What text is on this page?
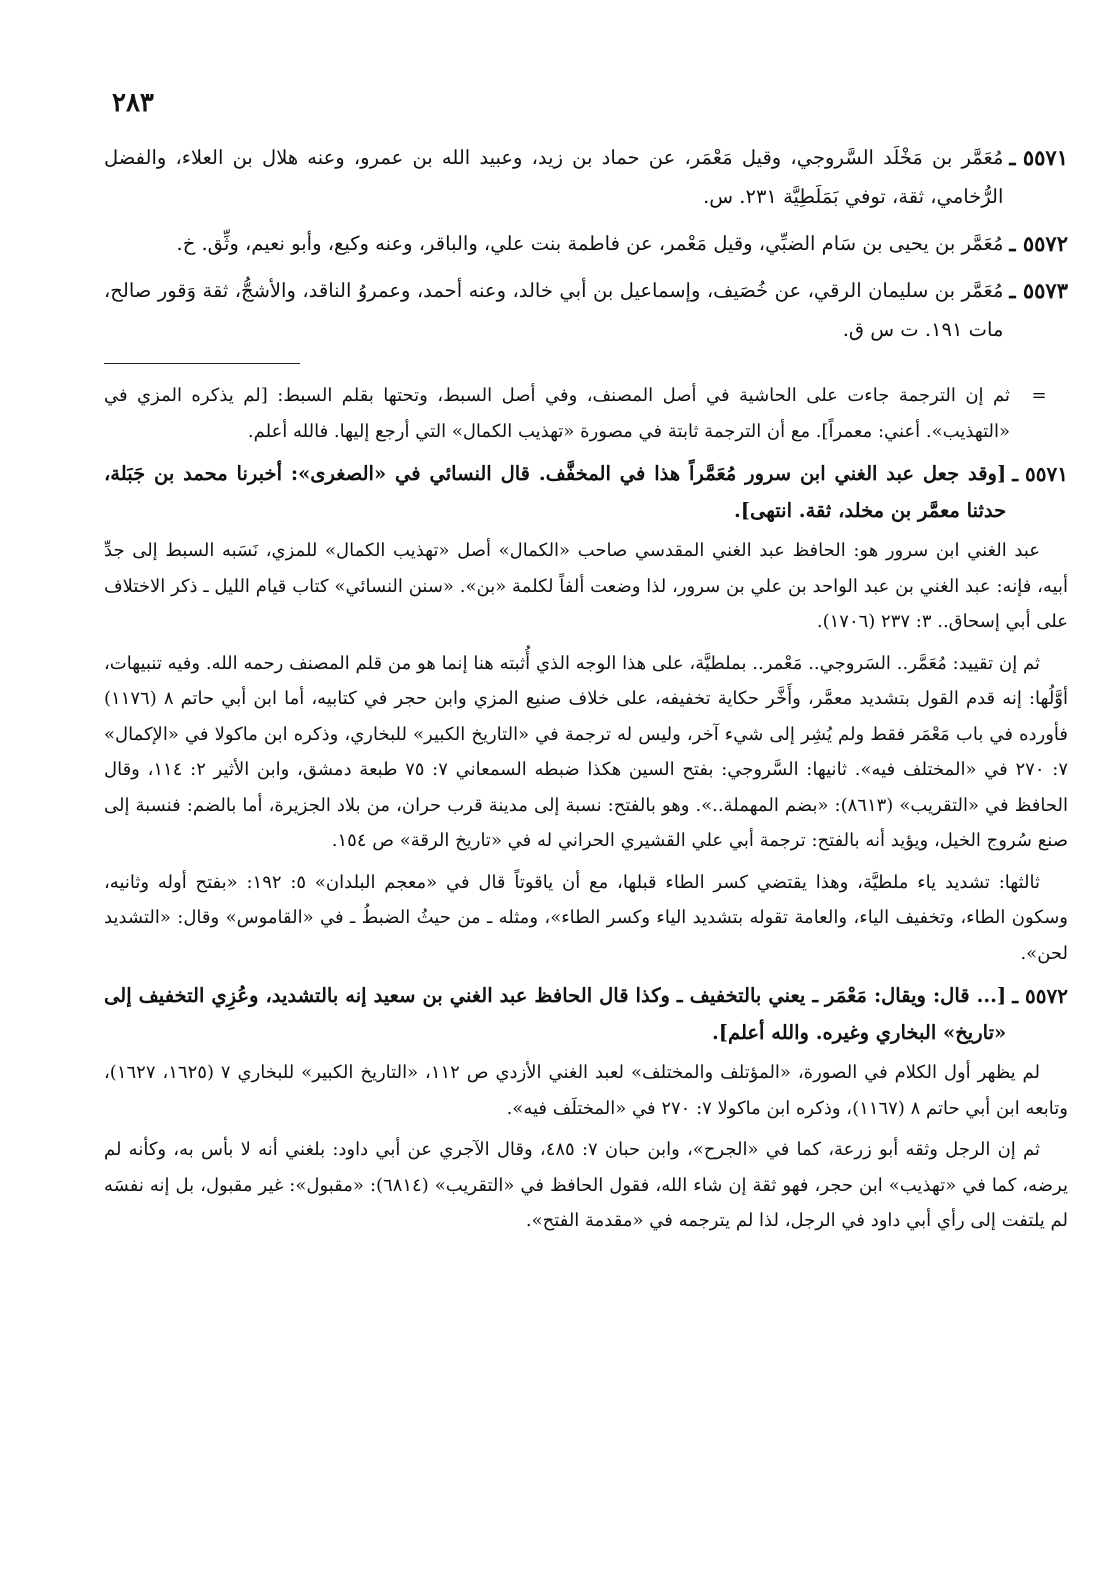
٢٨٣
٥٥٧١ ـ
مُعَمَّر بن مَخْلَد السَّروجي، وقيل مَعْمَر، عن حماد بن زيد، وعبيد الله بن عمرو، وعنه هلال بن العلاء، والفضل الرُّخامي، ثقة، توفي بَمَلَطِيَّة ٢٣١. س.
٥٥٧٢ ـ
مُعَمَّر بن يحيى بن سَام الضبِّي، وقيل مَعْمر، عن فاطمة بنت علي، والباقر، وعنه وكيع، وأبو نعيم، وثِّق. خ.
٥٥٧٣ ـ
مُعَمَّر بن سليمان الرقي، عن خُصَيف، وإسماعيل بن أبي خالد، وعنه أحمد، وعمروُ الناقد، والأشجُّ، ثقة وَقور صالح، مات ١٩١. ت س ق.
=
ثم إن الترجمة جاءت على الحاشية في أصل المصنف، وفي أصل السبط، وتحتها بقلم السبط: [لم يذكره المزي في «التهذيب». أعني: معمراً]. مع أن الترجمة ثابتة في مصورة «تهذيب الكمال» التي أرجع إليها. فالله أعلم.
٥٥٧١ ـ
[وقد جعل عبد الغني ابن سرور مُعَمَّراً هذا في المخفَّف. قال النسائي في «الصغرى»: أخبرنا محمد بن جَبَلة، حدثنا معمَّر بن مخلد، ثقة. انتهى].

عبد الغني ابن سرور هو: الحافظ عبد الغني المقدسي صاحب «الكمال» أصل «تهذيب الكمال» للمزي، نَسَبه السبط إلى جدِّ أبيه، فإنه: عبد الغني بن عبد الواحد بن علي بن سرور، لذا وضعت ألفاً لكلمة «بن». «سنن النسائي» كتاب قيام الليل ـ ذكر الاختلاف على أبي إسحاق.. ٣: ٢٣٧ (١٧٠٦).

ثم إن تقييد: مُعَمَّر.. السَروجي.. مَعْمر.. بملطيَّة، على هذا الوجه الذي أُثبته هنا إنما هو من قلم المصنف رحمه الله. وفيه تنبيهات، أوَّلُها: إنه قدم القول بتشديد معمَّر، وأَخَّر حكاية تخفيفه، على خلاف صنيع المزي وابن حجر في كتابيه، أما ابن أبي حاتم ٨ (١١٧٦) فأورده في باب مَعْمَر فقط ولم يُشِر إلى شيء آخر، وليس له ترجمة في «التاريخ الكبير» للبخاري، وذكره ابن ماكولا في «الإكمال» ٧: ٢٧٠ في «المختلف فيه». ثانيها: السَّروجي: بفتح السين هكذا ضبطه السمعاني ٧: ٧٥ طبعة دمشق، وابن الأثير ٢: ١١٤، وقال الحافظ في «التقريب» (٨٦١٣): «بضم المهملة..». وهو بالفتح: نسبة إلى مدينة قرب حران، من بلاد الجزيرة، أما بالضم: فنسبة إلى صنع سُروج الخيل، ويؤيد أنه بالفتح: ترجمة أبي علي القشيري الحراني له في «تاريخ الرقة» ص ١٥٤.

ثالثها: تشديد ياء ملطيَّة، وهذا يقتضي كسر الطاء قبلها، مع أن ياقوتاً قال في «معجم البلدان» ٥: ١٩٢: «بفتح أوله وثانيه، وسكون الطاء، وتخفيف الياء، والعامة تقوله بتشديد الياء وكسر الطاء»، ومثله ـ من حيثُ الضبطُ ـ في «القاموس» وقال: «التشديد لحن».

٥٥٧٢ ـ
[... قال: ويقال: مَعْمَر ـ يعني بالتخفيف ـ وكذا قال الحافظ عبد الغني بن سعيد إنه بالتشديد، وعُزِي التخفيف إلى «تاريخ» البخاري وغيره. والله أعلم].

لم يظهر أول الكلام في الصورة، «المؤتلف والمختلف» لعبد الغني الأزدي ص ١١٢، «التاريخ الكبير» للبخاري ٧ (١٦٢٥، ١٦٢٧)، وتابعه ابن أبي حاتم ٨ (١١٦٧)، وذكره ابن ماكولا ٧: ٢٧٠ في «المختلَف فيه».

ثم إن الرجل وثقه أبو زرعة، كما في «الجرح»، وابن حبان ٧: ٤٨٥، وقال الآجري عن أبي داود: بلغني أنه لا بأس به، وكأنه لم يرضه، كما في «تهذيب» ابن حجر، فهو ثقة إن شاء الله، فقول الحافظ في «التقريب» (٦٨١٤): «مقبول»: غير مقبول، بل إنه نفسَه لم يلتفت إلى رأي أبي داود في الرجل، لذا لم يترجمه في «مقدمة الفتح».
